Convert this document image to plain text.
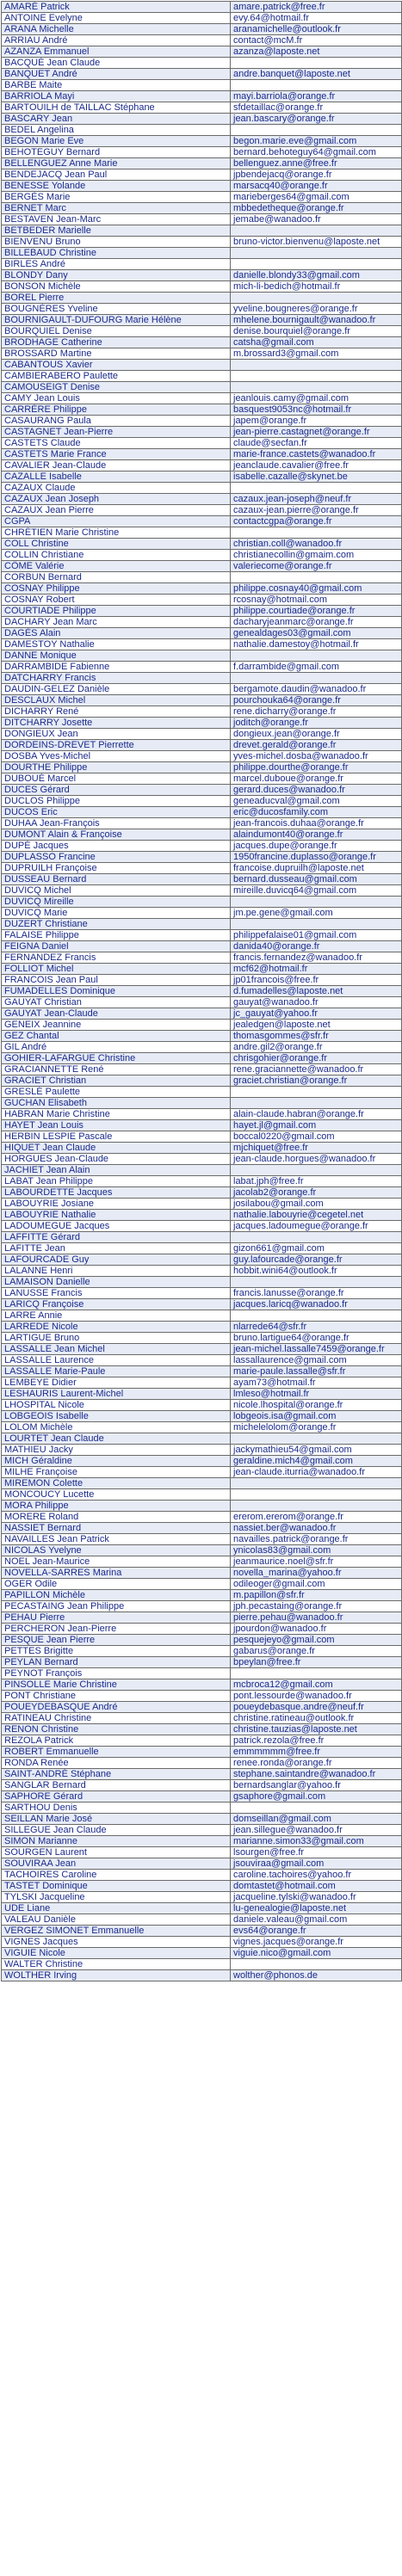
AMARÉ Patrick	amare.patrick@free.fr
ANTOINE Evelyne	evy.64@hotmail.fr
ARANA Michelle	aranamichelle@outlook.fr
ARRIAU André	contact@mcM.fr
AZANZA Emmanuel	azanza@laposte.net
BACQUÉ Jean Claude	
BANQUET André	andre.banquet@laposte.net
BARBE Maite	
BARRIOLA Mayi	mayi.barriola@orange.fr
BARTOUILH de TAILLAC Stéphane	sfdetaillac@orange.fr
BASCARY Jean	jean.bascary@orange.fr
BEDEL Angelina	
BEGON Marie Eve	begon.marie.eve@gmail.com
BEHOTEGUY Bernard	bernard.behoteguy64@gmail.com
BELLENGUEZ Anne Marie	bellenguez.anne@free.fr
BENDEJACQ Jean Paul	jpbendejacq@orange.fr
BENESSE Yolande	marsacq40@orange.fr
BERGÈS Marie	marieberges64@gmail.com
BERNET Marc	mbbedetheque@orange.fr
BESTAVEN Jean-Marc	jemabe@wanadoo.fr
BETBEDER Marielle	
BIENVENU Bruno	bruno-victor.bienvenu@laposte.net
BILLEBAUD Christine	
BIRLES André	
BLONDY Dany	danielle.blondy33@gmail.com
BONSON Michèle	mich-li-bedich@hotmail.fr
BOREL Pierre	
BOUGNÈRES Yveline	yveline.bougneres@orange.fr
BOURNIGAULT-DUFOURG Marie Hélène	mhelene.bournigault@wanadoo.fr
BOURQUIEL Denise	denise.bourquiel@orange.fr
BRODHAGE Catherine	catsha@gmail.com
BROSSARD Martine	m.brossard3@gmail.com
CABANTOUS Xavier	
CAMBIERABERO Paulette	
CAMOUSEIGT Denise	
CAMY Jean Louis	jeanlouis.camy@gmail.com
CARRÈRE Philippe	basquest9053nc@hotmail.fr
CASAURANG Paula	japem@orange.fr
CASTAGNET Jean-Pierre	jean-pierre.castagnet@orange.fr
CASTETS Claude	claude@secfan.fr
CASTETS Marie France	marie-france.castets@wanadoo.fr
CAVALIER Jean-Claude	jeanclaude.cavalier@free.fr
CAZALLE Isabelle	isabelle.cazalle@skynet.be
CAZAUX Claude	
CAZAUX Jean Joseph	cazaux.jean-joseph@neuf.fr
CAZAUX Jean Pierre	cazaux-jean.pierre@orange.fr
CGPA	contactcgpa@orange.fr
CHRÉTIEN Marie Christine	
COLL Christine	christian.coll@wanadoo.fr
COLLIN Christiane	christianecollin@gmaim.com
CÔME Valérie	valeriecome@orange.fr
CORBUN Bernard	
COSNAY Philippe	philippe.cosnay40@gmail.com
COSNAY Robert	rcosnay@hotmail.com
COURTIADE Philippe	philippe.courtiade@orange.fr
DACHARY Jean Marc	dacharyjeanmarc@orange.fr
DAGÈS Alain	genealdages03@gmail.com
DAMESTOY Nathalie	nathalie.damestoy@hotmail.fr
DANNE Monique	
DARRAMBIDE Fabienne	f.darrambide@gmail.com
DATCHARRY Francis	
DAUDIN-GELEZ Danièle	bergamote.daudin@wanadoo.fr
DESCLAUX Michel	pourchouka64@orange.fr
DICHARRY René	rene.dicharry@orange.fr
DITCHARRY Josette	joditch@orange.fr
DONGIEUX Jean	dongieux.jean@orange.fr
DORDEINS-DREVET Pierrette	drevet.gerald@orange.fr
DOSBA Yves-Michel	yves-michel.dosba@wanadoo.fr
DOURTHE Philippe	philippe.dourthe@orange.fr
DUBOUÉ Marcel	marcel.duboue@orange.fr
DUCES Gérard	gerard.duces@wanadoo.fr
DUCLOS Philippe	geneaducval@gmail.com
DUCOS Eric	eric@ducosfamily.com
DUHAA Jean-François	jean-francois.duhaa@orange.fr
DUMONT Alain & Françoise	alaindumont40@orange.fr
DUPÉ Jacques	jacques.dupe@orange.fr
DUPLASSO Francine	1950francine.duplasso@orange.fr
DUPRUILH Françoise	francoise.dupruilh@laposte.net
DUSSEAU Bernard	bernard.dusseau@gmail.com
DUVICQ Michel	mireille.duvicq64@gmail.com
DUVICQ Mireille	
DUVICQ Marie	jm.pe.gene@gmail.com
DUZERT Christiane	
FALAISE Philippe	philippefalaise01@gmail.com
FEIGNA Daniel	danida40@orange.fr
FERNANDEZ Francis	francis.fernandez@wanadoo.fr
FOLLIOT Michel	mcf62@hotmail.fr
FRANCOIS Jean Paul	jp01francois@free.fr
FUMADELLES Dominique	d.fumadelles@laposte.net
GAUYAT Christian	gauyat@wanadoo.fr
GAUYAT Jean-Claude	jc_gauyat@yahoo.fr
GENEIX Jeannine	jealedgen@laposte.net
GEZ Chantal	thomasgommes@sfr.fr
GIL André	andre.gil2@orange.fr
GOHIER-LAFARGUE Christine	chrisgohier@orange.fr
GRACIANNETTE René	rene.graciannette@wanadoo.fr
GRACIET Christian	graciet.christian@orange.fr
GRESLÉ Paulette	
GUCHAN Elisabeth	
HABRAN Marie Christine	alain-claude.habran@orange.fr
HAYET Jean Louis	hayet.jl@gmail.com
HERBIN LESPIE Pascale	boccal0220@gmail.com
HIQUET Jean Claude	mjchiquet@free.fr
HORGUES Jean-Claude	jean-claude.horgues@wanadoo.fr
JACHIET Jean Alain	
LABAT Jean Philippe	labat.jph@free.fr
LABOURDETTE Jacques	jacolab2@orange.fr
LABOUYRIE Josiane	josilabou@gmail.com
LABOUYRIE Nathalie	nathalie.labouyrie@cegetel.net
LADOUMEGUE Jacques	jacques.ladoumegue@orange.fr
LAFFITTE Gérard	
LAFITTE Jean	gizon661@gmail.com
LAFOURCADE Guy	guy.lafourcade@orange.fr
LALANNE Henri	hobbit.wini64@outlook.fr
LAMAISON Danielle	
LANUSSE Francis	francis.lanusse@orange.fr
LARICQ Françoise	jacques.laricq@wanadoo.fr
LARRE Annie	
LARREDE Nicole	nlarrede64@sfr.fr
LARTIGUE Bruno	bruno.lartigue64@orange.fr
LASSALLE Jean Michel	jean-michel.lassalle7459@orange.fr
LASSALLE Laurence	lassallaurence@gmail.com
LASSALLE Marie-Paule	marie-paule.lassalle@sfr.fr
LEMBEYE Didier	ayam73@hotmail.fr
LESHAURIS Laurent-Michel	lmleso@hotmail.fr
LHOSPITAL Nicole	nicole.lhospital@orange.fr
LOBGEOIS Isabelle	lobgeois.isa@gmail.com
LOLOM Michèle	michelelolom@orange.fr
LOURTET Jean Claude	
MATHIEU Jacky	jackymathieu54@gmail.com
MICH Géraldine	geraldine.mich4@gmail.com
MILHE Françoise	jean-claude.iturria@wanadoo.fr
MIREMON Colette	
MONCOUCY Lucette	
MORA Philippe	
MORERE Roland	ererom.ererom@orange.fr
NASSIET Bernard	nassiet.ber@wanadoo.fr
NAVAILLES Jean Patrick	navailles.patrick@orange.fr
NICOLAS Yvelyne	ynicolas83@gmail.com
NOEL Jean-Maurice	jeanmaurice.noel@sfr.fr
NOVELLA-SARRES Marina	novella_marina@yahoo.fr
OGER Odile	odileoger@gmail.com
PAPILLON Michèle	m.papillon@sfr.fr
PECASTAING Jean Philippe	jph.pecastaing@orange.fr
PEHAU Pierre	pierre.pehau@wanadoo.fr
PERCHERON Jean-Pierre	jpourdon@wanadoo.fr
PESQUE Jean Pierre	pesquejeyo@gmail.com
PETTES Brigitte	gabarus@orange.fr
PEYLAN Bernard	bpeylan@free.fr
PEYNOT François	
PINSOLLE Marie Christine	mcbroca12@gmail.com
PONT Christiane	pont.lessourde@wanadoo.fr
POUEYDEBASQUE André	poueydebasque.andre@neuf.fr
RATINEAU Christine	christine.ratineau@outlook.fr
RENON Christine	christine.tauzias@laposte.net
REZOLA Patrick	patrick.rezola@free.fr
ROBERT Emmanuelle	emmmmmm@free.fr
RONDA Renée	renee.ronda@orange.fr
SAINT-ANDRÉ Stéphane	stephane.saintandre@wanadoo.fr
SANGLAR Bernard	bernardsanglar@yahoo.fr
SAPHORE Gérard	gsaphore@gmail.com
SARTHOU Denis	
SEILLAN Marie José	domseillan@gmail.com
SILLEGUE Jean Claude	jean.sillegue@wanadoo.fr
SIMON Marianne	marianne.simon33@gmail.com
SOURGEN Laurent	lsourgen@free.fr
SOUVIRAA Jean	jsouviraa@gmail.com
TACHOIRES Caroline	caroline.tachoires@yahoo.fr
TASTET Dominique	domtastet@hotmail.com
TYLSKI Jacqueline	jacqueline.tylski@wanadoo.fr
UDE Liane	lu-genealogie@laposte.net
VALEAU Danièle	daniele.valeau@gmail.com
VERGEZ SIMONET Emmanuelle	evs64@orange.fr
VIGNES Jacques	vignes.jacques@orange.fr
VIGUIE Nicole	viguie.nico@gmail.com
WALTER Christine	
WOLTHER Irving	wolther@phonos.de
